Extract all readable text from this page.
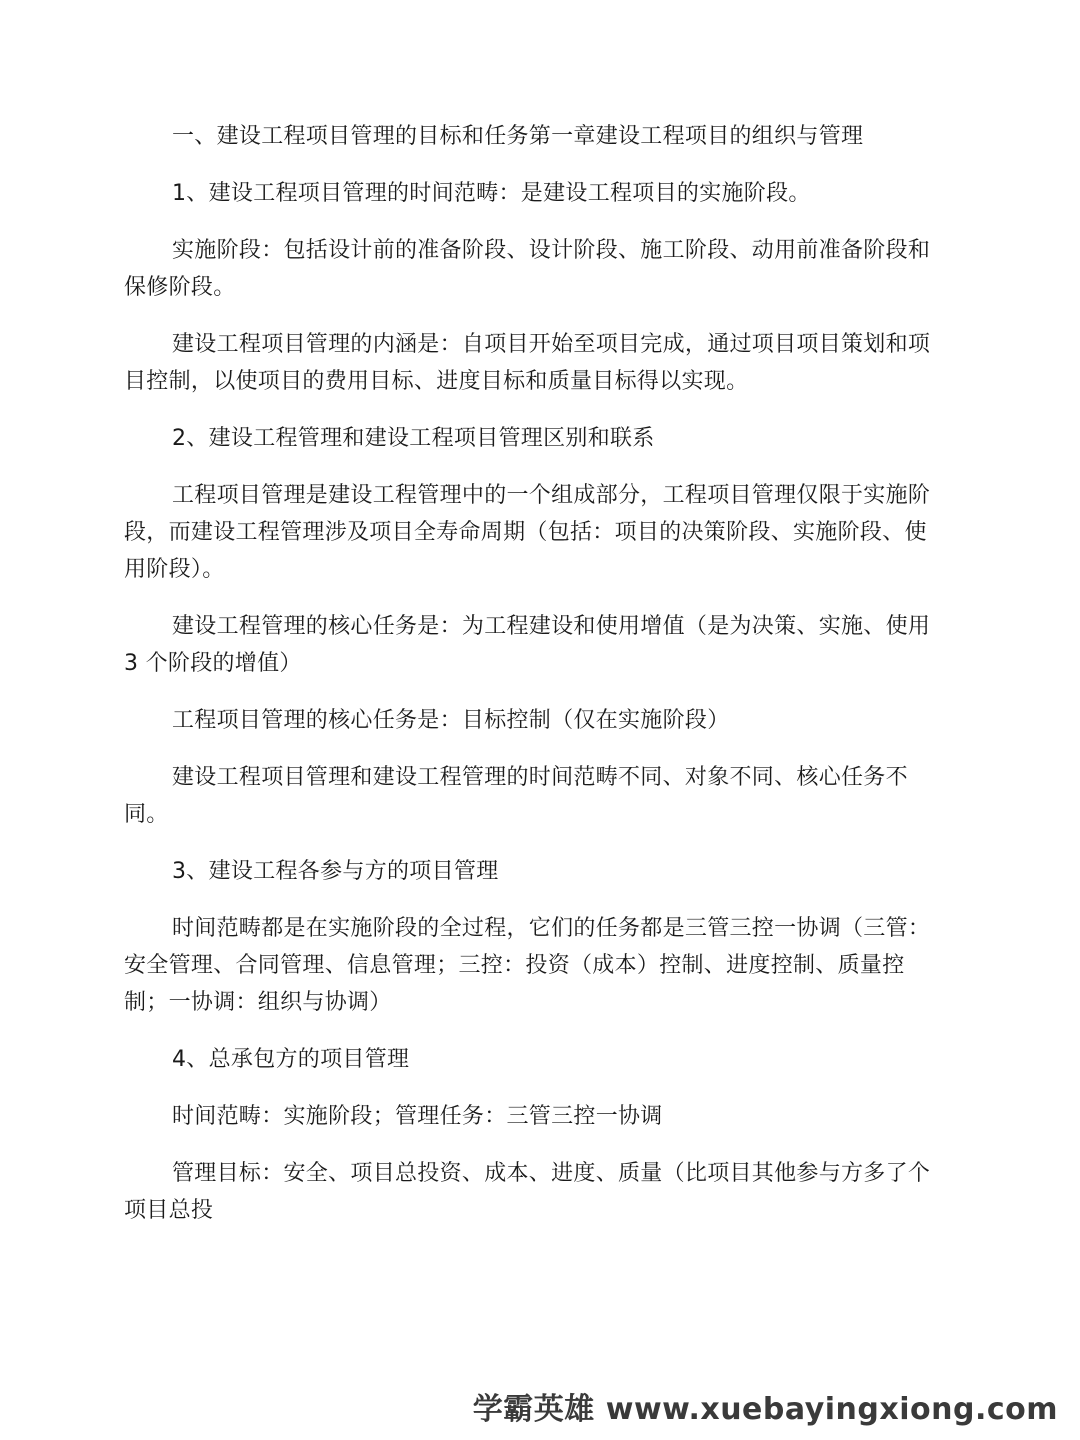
一、建设工程项目管理的目标和任务第一章建设工程项目的组织与管理

1、建设工程项目管理的时间范畴：是建设工程项目的实施阶段。

实施阶段：包括设计前的准备阶段、设计阶段、施工阶段、动用前准备阶段和保修阶段。

建设工程项目管理的内涵是：自项目开始至项目完成，通过项目项目策划和项目控制，以使项目的费用目标、进度目标和质量目标得以实现。

2、建设工程管理和建设工程项目管理区别和联系

工程项目管理是建设工程管理中的一个组成部分，工程项目管理仅限于实施阶段，而建设工程管理涉及项目全寿命周期（包括：项目的决策阶段、实施阶段、使用阶段）。

建设工程管理的核心任务是：为工程建设和使用增值（是为决策、实施、使用 3 个阶段的增值）

工程项目管理的核心任务是：目标控制（仅在实施阶段）

建设工程项目管理和建设工程管理的时间范畴不同、对象不同、核心任务不同。

3、建设工程各参与方的项目管理

时间范畴都是在实施阶段的全过程，它们的任务都是三管三控一协调（三管：安全管理、合同管理、信息管理；三控：投资（成本）控制、进度控制、质量控制；一协调：组织与协调）

4、总承包方的项目管理

时间范畴：实施阶段；管理任务：三管三控一协调

管理目标：安全、项目总投资、成本、进度、质量（比项目其他参与方多了个项目总投

学霸英雄 www.xuebayingxiong.com
